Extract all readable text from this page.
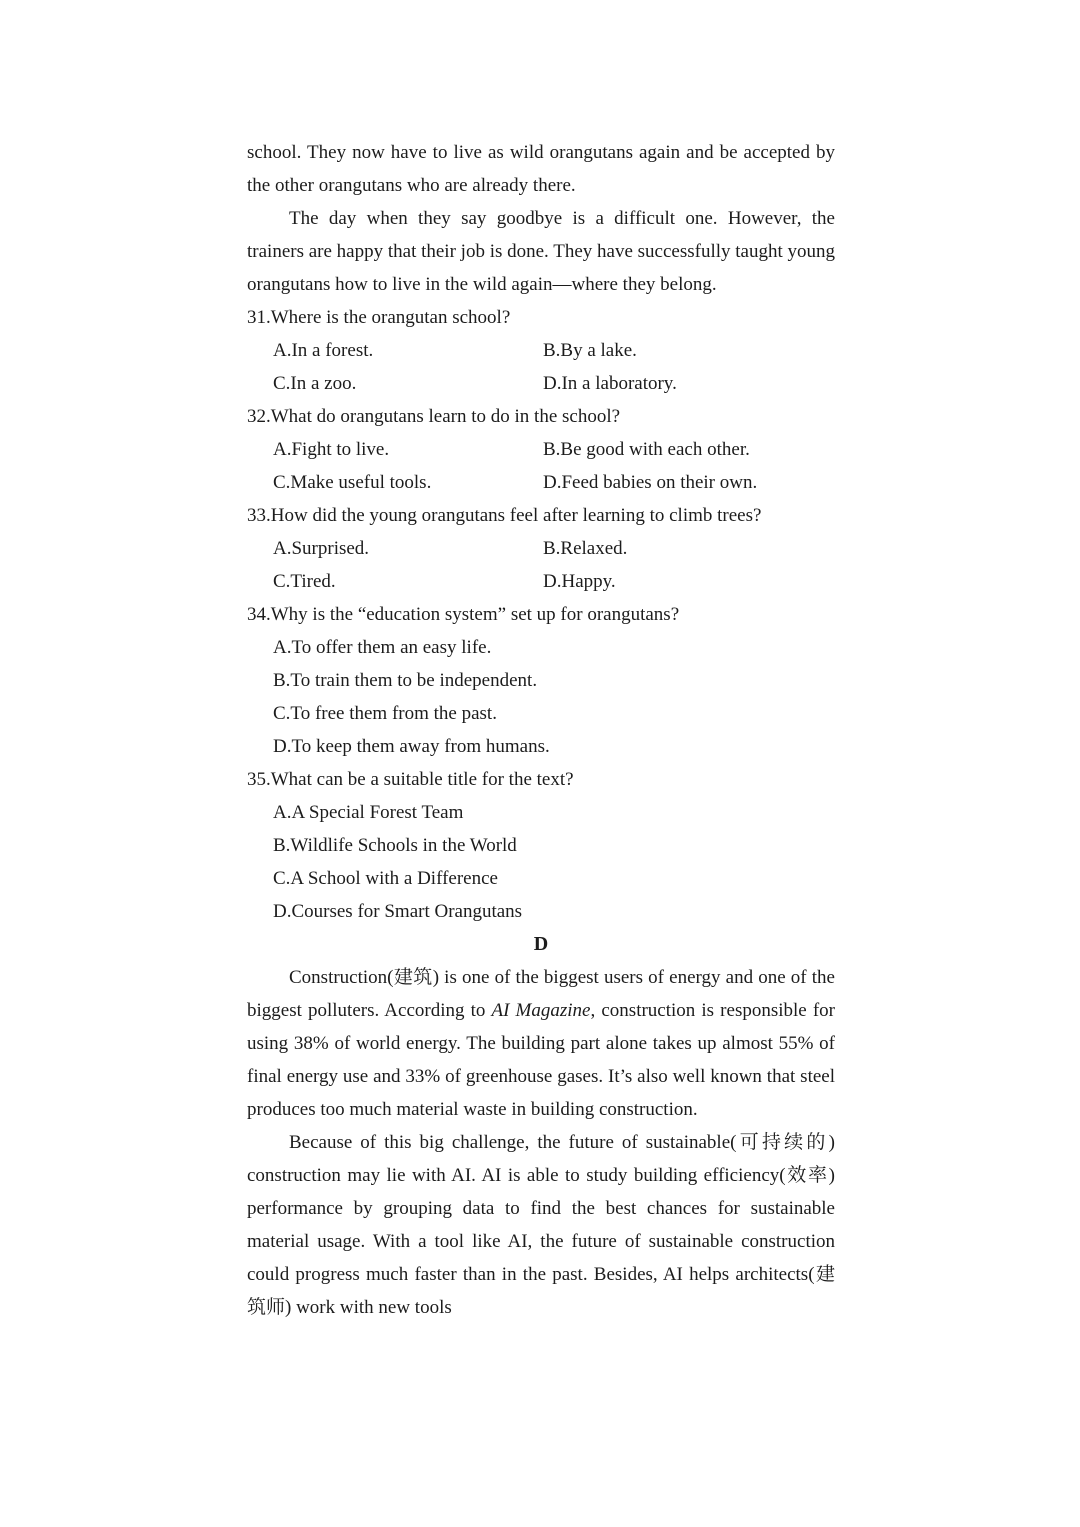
school. They now have to live as wild orangutans again and be accepted by the other orangutans who are already there.

The day when they say goodbye is a difficult one. However, the trainers are happy that their job is done. They have successfully taught young orangutans how to live in the wild again—where they belong.

31.Where is the orangutan school?
A.In a forest.	B.By a lake.
C.In a zoo.	D.In a laboratory.
32.What do orangutans learn to do in the school?
A.Fight to live.	B.Be good with each other.
C.Make useful tools.	D.Feed babies on their own.
33.How did the young orangutans feel after learning to climb trees?
A.Surprised.	B.Relaxed.
C.Tired.	D.Happy.
34.Why is the “education system” set up for orangutans?
A.To offer them an easy life.
B.To train them to be independent.
C.To free them from the past.
D.To keep them away from humans.
35.What can be a suitable title for the text?
A.A Special Forest Team
B.Wildlife Schools in the World
C.A School with a Difference
D.Courses for Smart Orangutans
D

Construction(建筑) is one of the biggest users of energy and one of the biggest polluters. According to AI Magazine, construction is responsible for using 38% of world energy. The building part alone takes up almost 55% of final energy use and 33% of greenhouse gases. It’s also well known that steel produces too much material waste in building construction.

Because of this big challenge, the future of sustainable(可持续的) construction may lie with AI. AI is able to study building efficiency(效率) performance by grouping data to find the best chances for sustainable material usage. With a tool like AI, the future of sustainable construction could progress much faster than in the past. Besides, AI helps architects(建筑师) work with new tools
